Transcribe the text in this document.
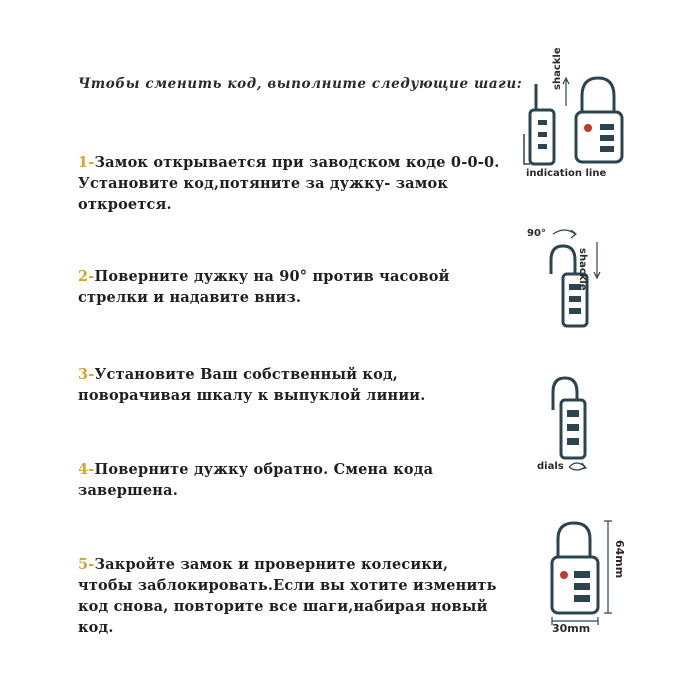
Чтобы сменить код, выполните следующие шаги:
1-Замок открывается при заводском коде 0-0-0.
Установите код,потяните за дужку- замок
откроется.
2-Поверните дужку на 90° против часовой
стрелки и надавите вниз.
3-Установите Ваш собственный код,
поворачивая шкалу к выпуклой линии.
4-Поверните дужку обратно. Смена кода
завершена.
5-Закройте замок и проверните колесики,
чтобы заблокировать.Если вы хотите изменить
код снова, повторите все шаги,набирая новый
код.
shackle
indication line
90°
shackle
dials
64mm
30mm
